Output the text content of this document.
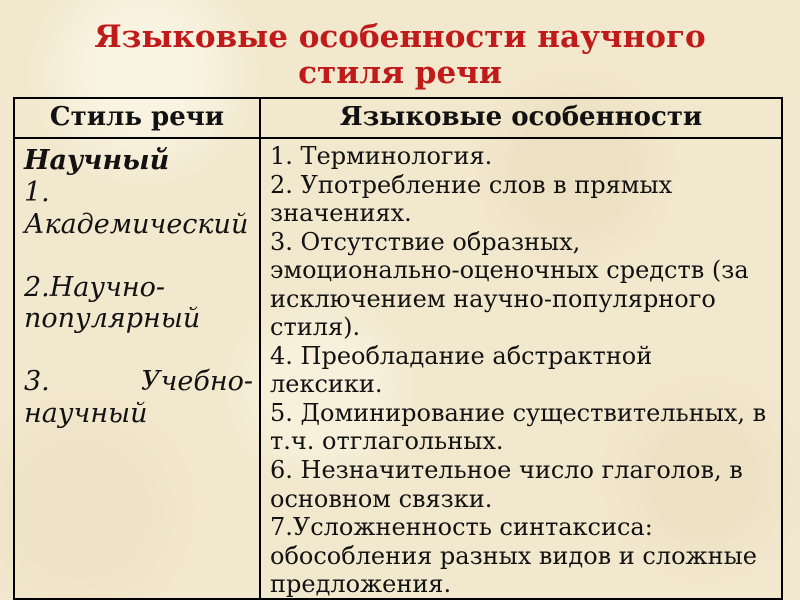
Языковые особенности научного
стиля речи
Стиль речи	Языковые особенности

Научный

1. Академический

2.Научно-популярный

3. Учебно-научный

1. Терминология.

2. Употребление слов в прямых значениях.

3. Отсутствие образных, эмоционально-оценочных средств (за исключением научно-популярного стиля).

4. Преобладание абстрактной лексики.

5. Доминирование существительных, в т.ч. отглагольных.

6. Незначительное число глаголов, в основном связки.

7.Усложненность синтаксиса: обособления разных видов и сложные предложения.
